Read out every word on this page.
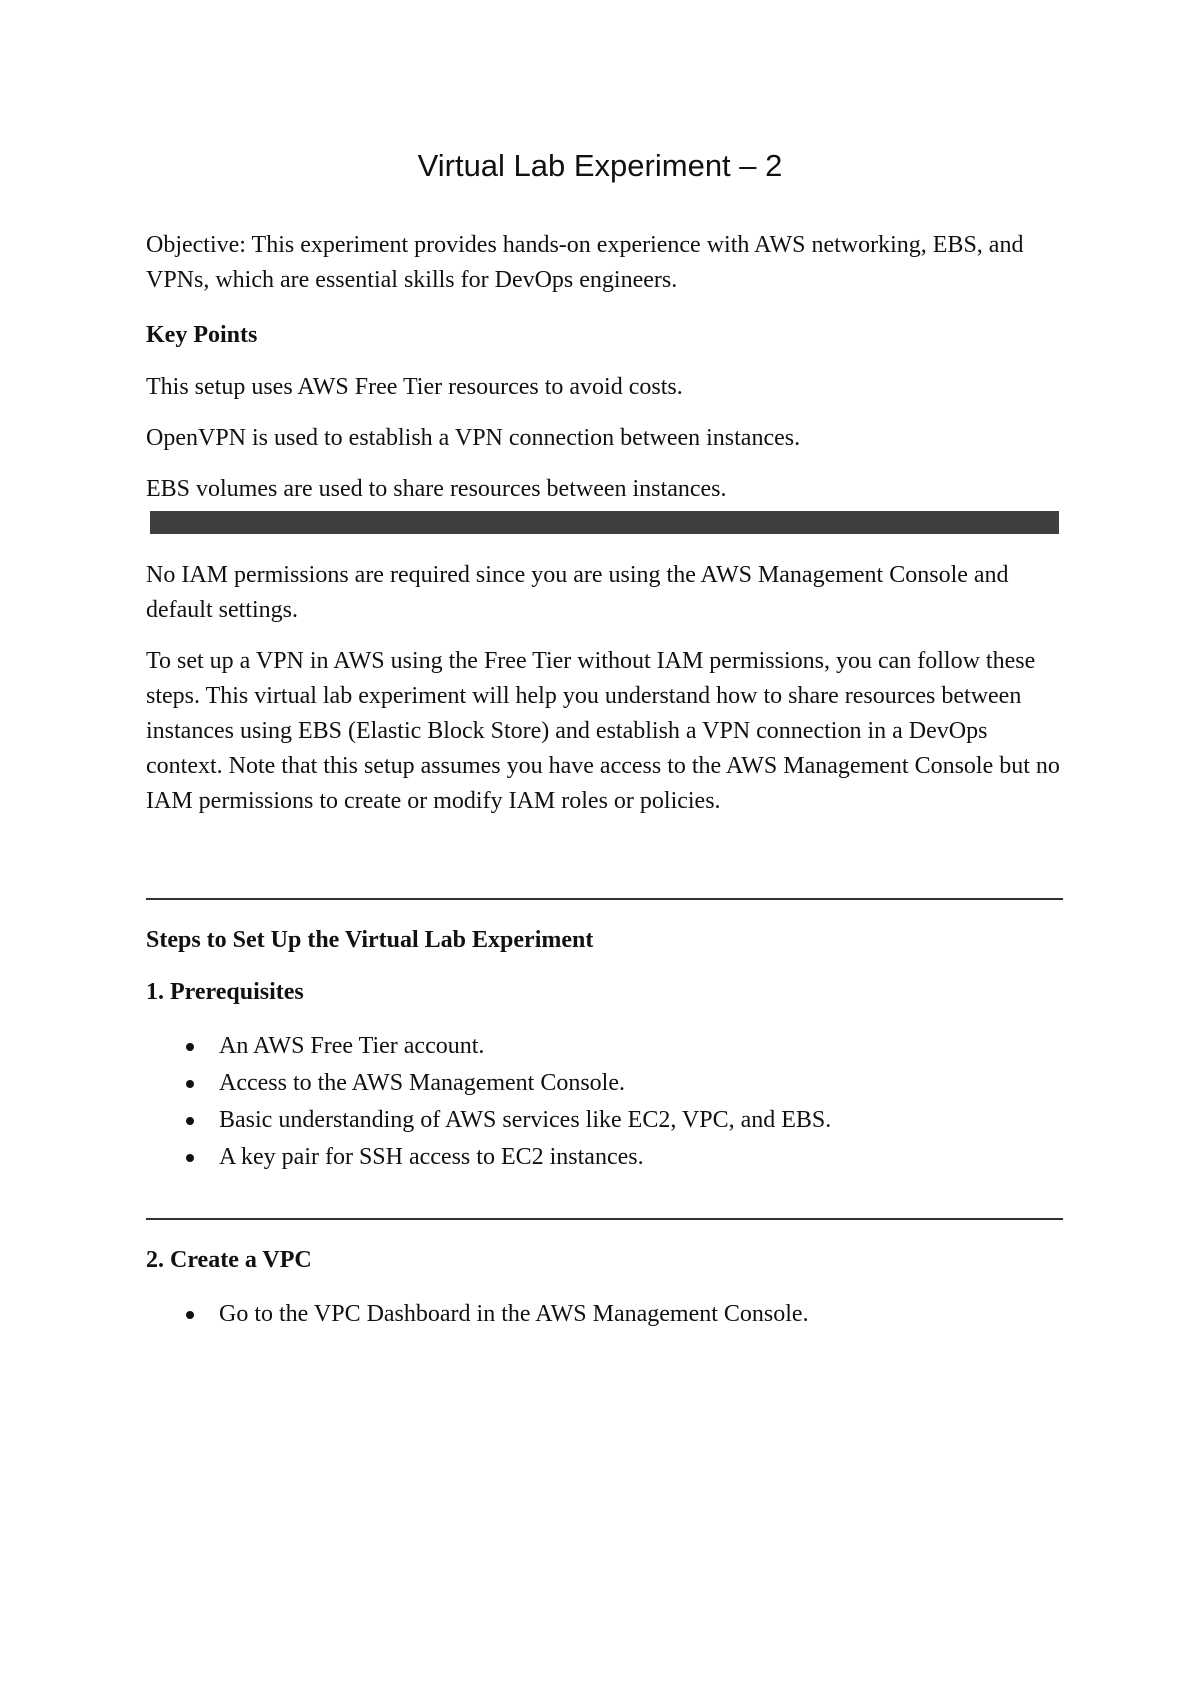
Virtual Lab Experiment – 2

Objective: This experiment provides hands-on experience with AWS networking, EBS, and VPNs, which are essential skills for DevOps engineers.

Key Points

This setup uses AWS Free Tier resources to avoid costs.

OpenVPN is used to establish a VPN connection between instances.

EBS volumes are used to share resources between instances.

No IAM permissions are required since you are using the AWS Management Console and default settings.

To set up a VPN in AWS using the Free Tier without IAM permissions, you can follow these steps. This virtual lab experiment will help you understand how to share resources between instances using EBS (Elastic Block Store) and establish a VPN connection in a DevOps context. Note that this setup assumes you have access to the AWS Management Console but no IAM permissions to create or modify IAM roles or policies.

Steps to Set Up the Virtual Lab Experiment

1. Prerequisites

An AWS Free Tier account.
Access to the AWS Management Console.
Basic understanding of AWS services like EC2, VPC, and EBS.
A key pair for SSH access to EC2 instances.

2. Create a VPC

Go to the VPC Dashboard in the AWS Management Console.
